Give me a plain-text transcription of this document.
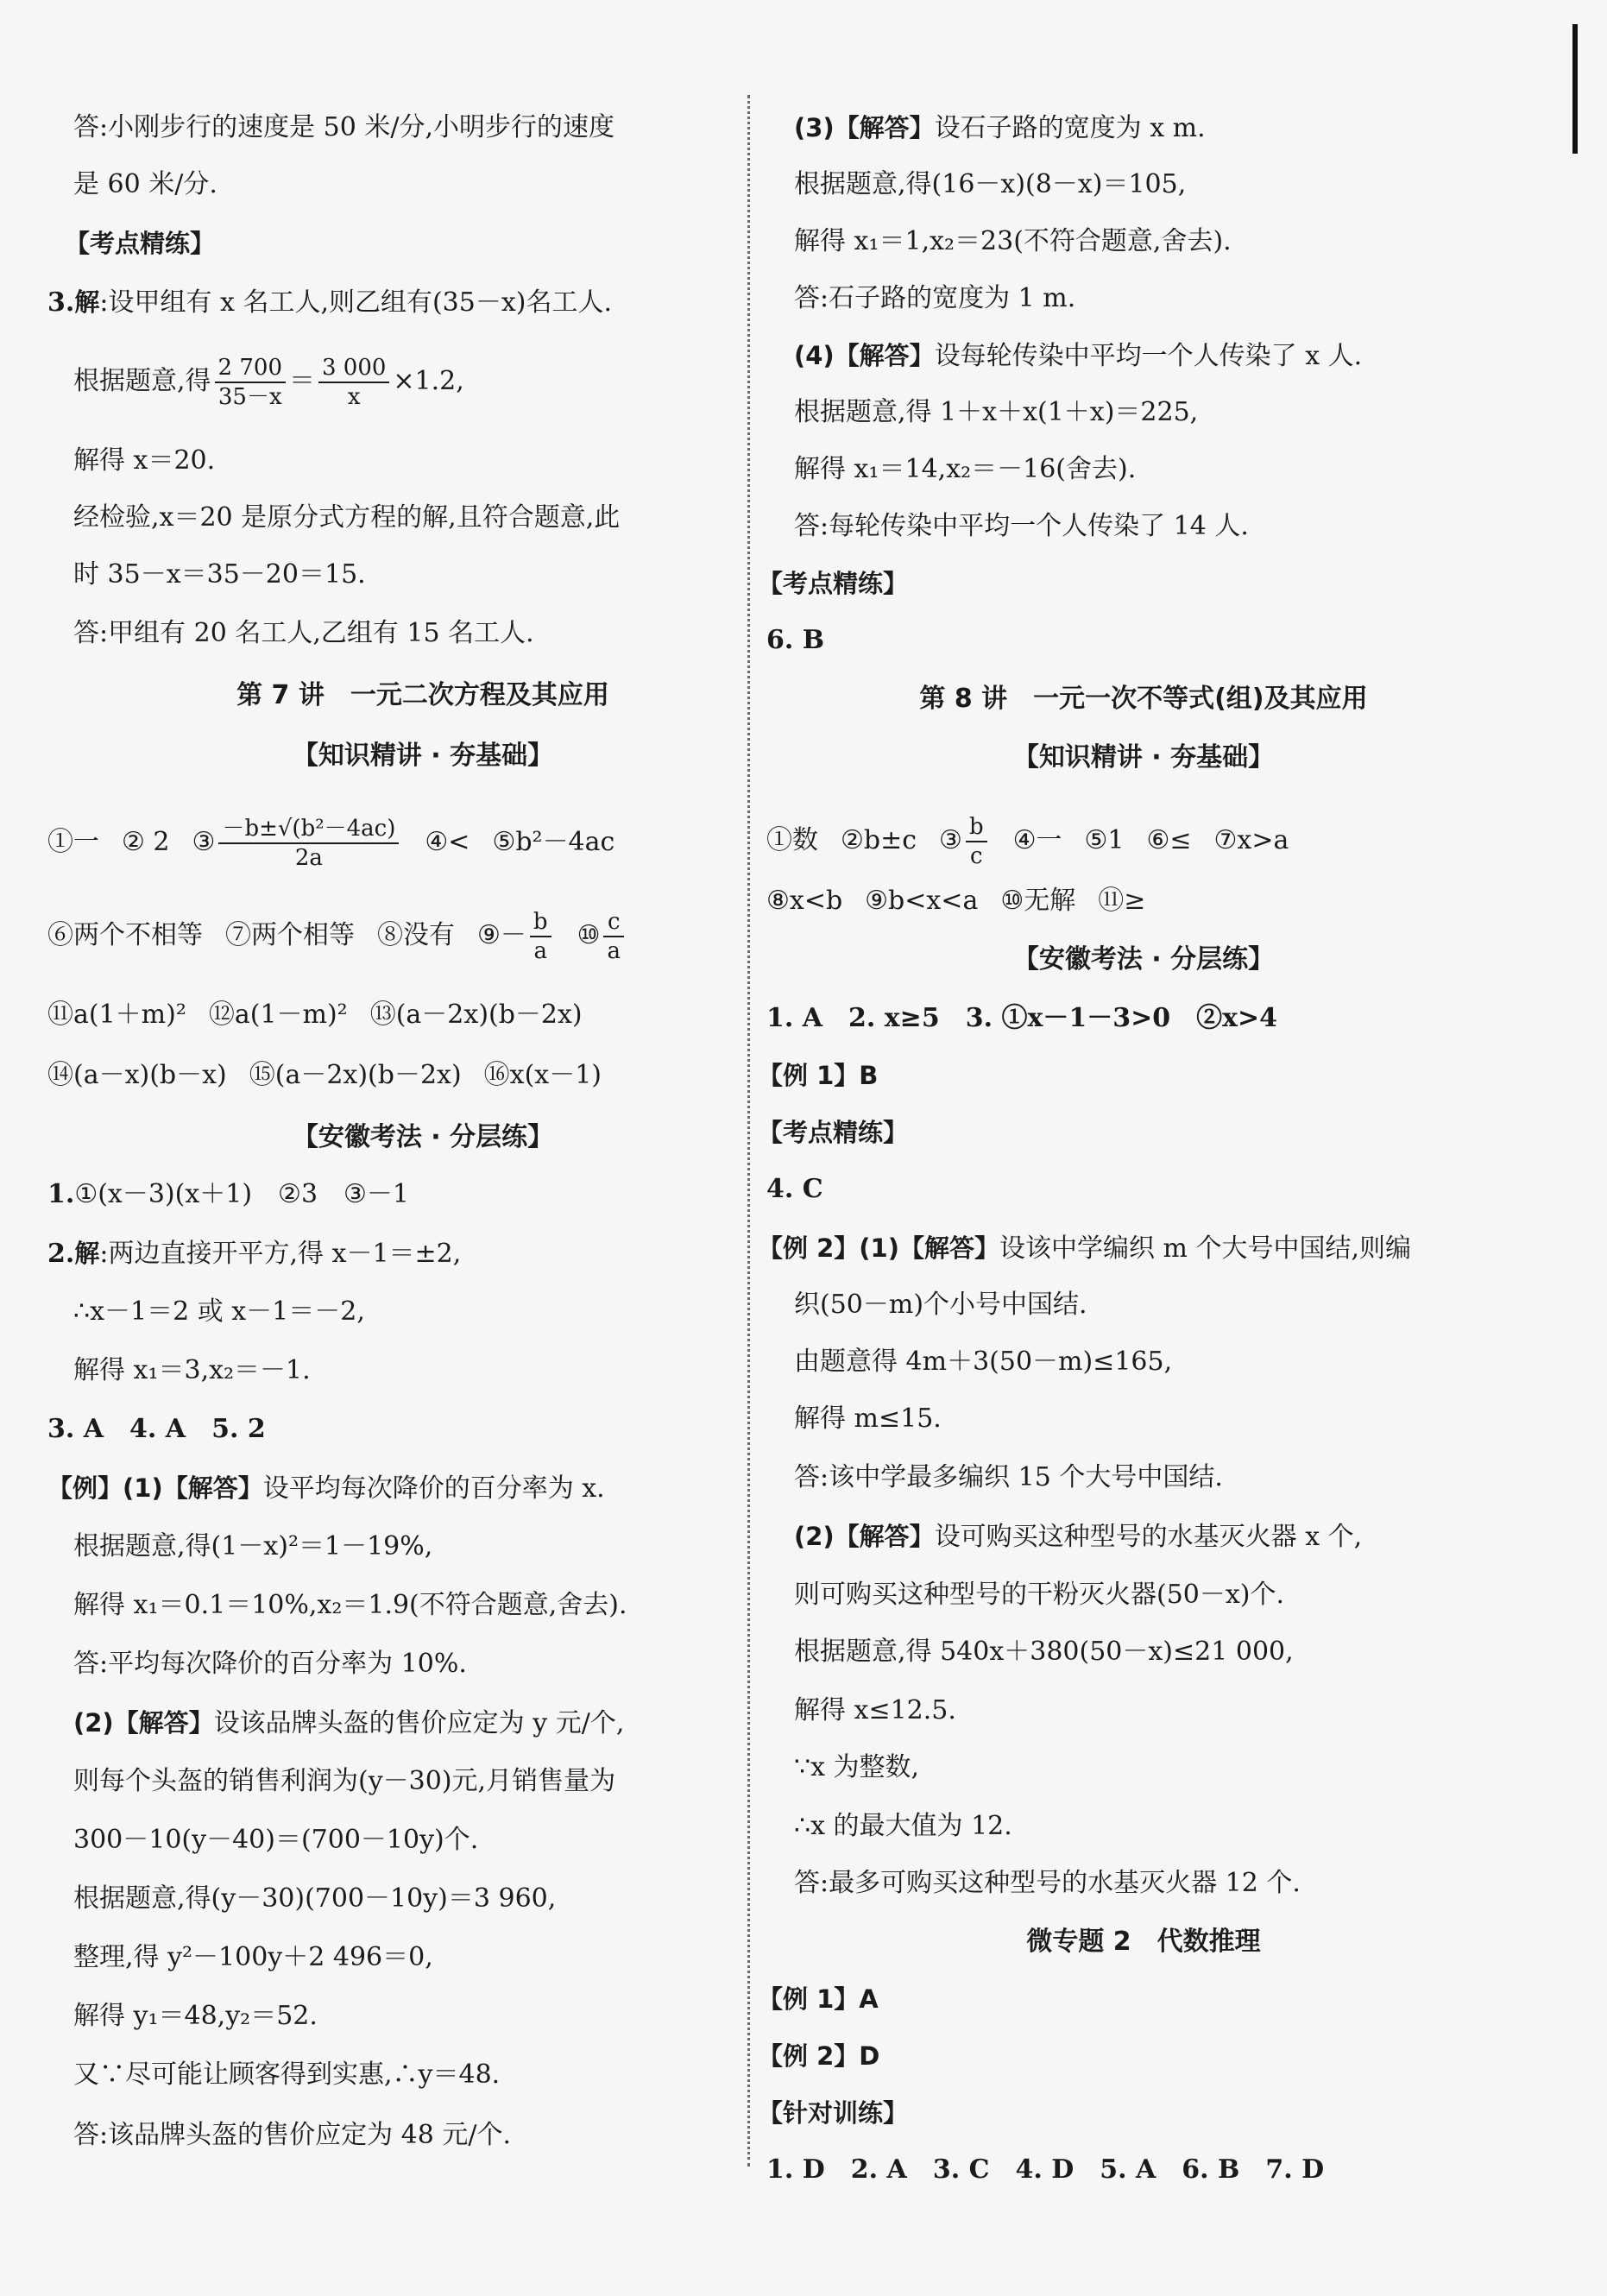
答:小刚步行的速度是 50 米/分,小明步行的速度
是 60 米/分.
【考点精练】
3.解:设甲组有 x 名工人,则乙组有(35－x)名工人.
根据题意,得 $\frac{2 700}{35-x} = \frac{3 000}{x} \times 1.2$,
解得 x＝20.
经检验,x＝20 是原分式方程的解,且符合题意,此
时 35－x＝35－20＝15.
答:甲组有 20 名工人,乙组有 15 名工人.
第 7 讲　一元二次方程及其应用
【知识精讲 · 夯基础】
①一 ② 2 ③ $\frac{\text{－b±√(b²－4ac)}}{2a}$ ④< ⑤b²－4ac
⑥两个不相等 ⑦两个相等 ⑧没有 ⑨－ $\frac{b}{a}$ ⑩ $\frac{c}{a}$
⑪a(1＋m)² ⑫a(1－m)² ⑬(a－2x)(b－2x)
⑭(a－x)(b－x) ⑮(a－2x)(b－2x) ⑯x(x－1)
【安徽考法 · 分层练】
1.①(x－3)(x＋1)　②3　③－1
2.解:两边直接开平方,得 x－1＝±2,
∴x－1＝2 或 x－1＝－2,
解得 x₁＝3,x₂＝－1.
3. A　4. A　5. 2
【例】(1)【解答】设平均每次降价的百分率为 x.
根据题意,得(1－x)²＝1－19%,
解得 x₁＝0.1＝10%,x₂＝1.9(不符合题意,舍去).
答:平均每次降价的百分率为 10%.
(2)【解答】设该品牌头盔的售价应定为 y 元/个,
则每个头盔的销售利润为(y－30)元,月销售量为
300－10(y－40)＝(700－10y)个.
根据题意,得(y－30)(700－10y)＝3 960,
整理,得 y²－100y＋2 496＝0,
解得 y₁＝48,y₂＝52.
又∵尽可能让顾客得到实惠,∴y＝48.
答:该品牌头盔的售价应定为 48 元/个.
(3)【解答】设石子路的宽度为 x m.
根据题意,得(16－x)(8－x)＝105,
解得 x₁＝1,x₂＝23(不符合题意,舍去).
答:石子路的宽度为 1 m.
(4)【解答】设每轮传染中平均一个人传染了 x 人.
根据题意,得 1＋x＋x(1＋x)＝225,
解得 x₁＝14,x₂＝－16(舍去).
答:每轮传染中平均一个人传染了 14 人.
【考点精练】
6. B
第 8 讲　一元一次不等式(组)及其应用
【知识精讲 · 夯基础】
①数 ②b±c ③ $\frac{b}{c}$ ④一 ⑤1 ⑥≤ ⑦x>a
⑧x<b ⑨b<x<a ⑩无解 ⑪≥
【安徽考法 · 分层练】
1. A　2. x≥5　3. ①x－1－3>0　②x>4
【例 1】B
【考点精练】
4. C
【例 2】(1)【解答】设该中学编织 m 个大号中国结,则编
织(50－m)个小号中国结.
由题意得 4m＋3(50－m)≤165,
解得 m≤15.
答:该中学最多编织 15 个大号中国结.
(2)【解答】设可购买这种型号的水基灭火器 x 个,
则可购买这种型号的干粉灭火器(50－x)个.
根据题意,得 540x＋380(50－x)≤21 000,
解得 x≤12.5.
∵x 为整数,
∴x 的最大值为 12.
答:最多可购买这种型号的水基灭火器 12 个.
微专题 2　代数推理
【例 1】A
【例 2】D
【针对训练】
1. D　2. A　3. C　4. D　5. A　6. B　7. D
